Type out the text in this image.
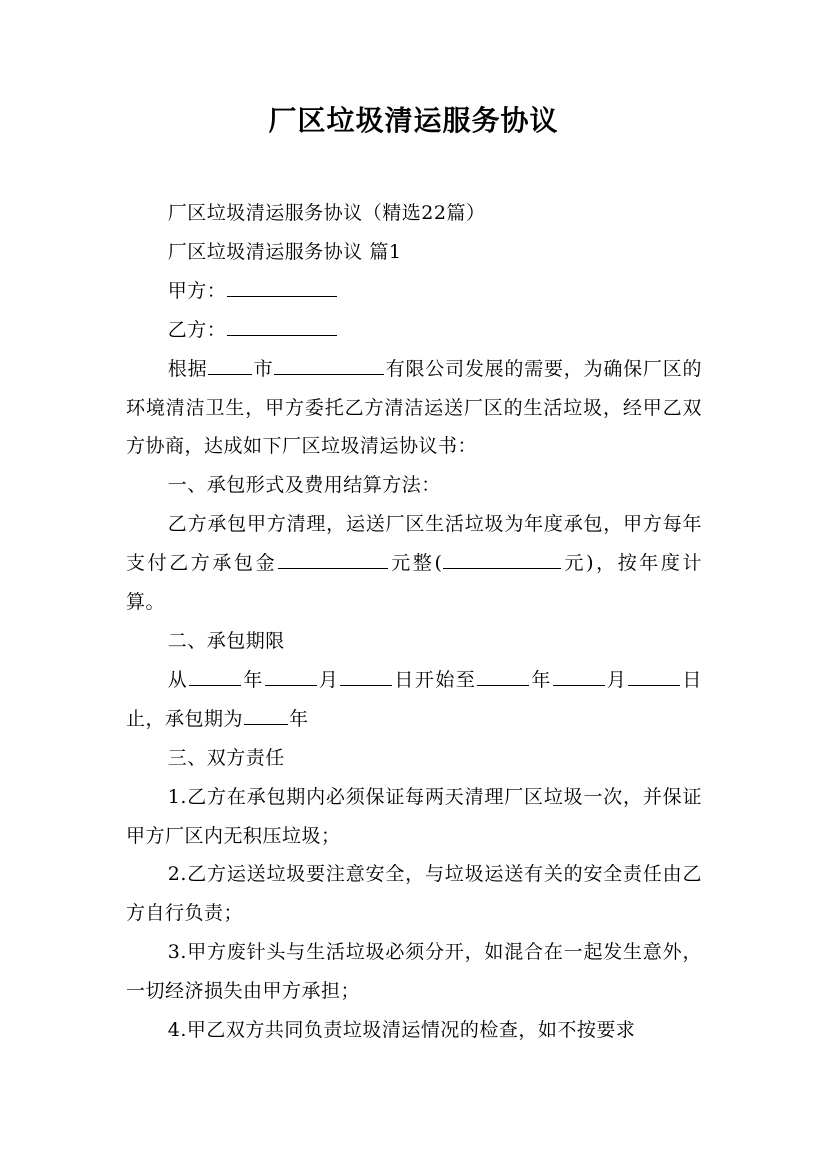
厂区垃圾清运服务协议

厂区垃圾清运服务协议（精选22篇）

厂区垃圾清运服务协议 篇1

甲方：

乙方：

根据 市	有限公司发展的需要，为确保厂区的环境清洁卫生，甲方委托乙方清洁运送厂区的生活垃圾，经甲乙双方协商，达成如下厂区垃圾清运协议书：

一、承包形式及费用结算方法：

乙方承包甲方清理，运送厂区生活垃圾为年度承包，甲方每年支付乙方承包金	元整(	元)，按年度计算。

二、承包期限

从	年	月	日开始至	年	月	日止，承包期为 年

三、双方责任

1.乙方在承包期内必须保证每两天清理厂区垃圾一次，并保证甲方厂区内无积压垃圾；

2.乙方运送垃圾要注意安全，与垃圾运送有关的安全责任由乙方自行负责；

3.甲方废针头与生活垃圾必须分开，如混合在一起发生意外，一切经济损失由甲方承担；

4.甲乙双方共同负责垃圾清运情况的检查，如不按要求
